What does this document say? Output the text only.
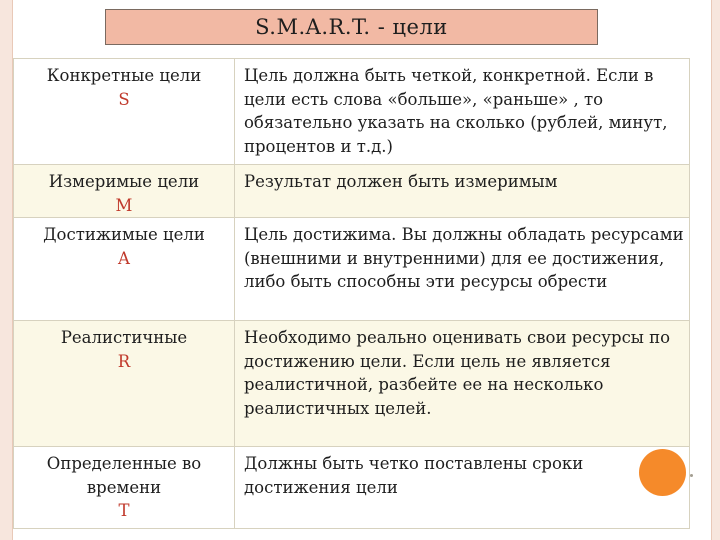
S.M.A.R.T. - цели
Конкретные цели
S	Цель должна быть четкой, конкретной. Если в цели есть слова «больше», «раньше» , то обязательно указать на сколько (рублей, минут, процентов и т.д.)
Измеримые цели
M	Результат должен быть измеримым
Достижимые цели
A	Цель достижима. Вы должны обладать ресурсами (внешними и внутренними) для ее достижения, либо быть способны эти ресурсы обрести
Реалистичные
R	Необходимо реально оценивать свои ресурсы по достижению цели. Если цель не является реалистичной, разбейте ее на несколько реалистичных целей.

Определенные во
времени
T	Должны быть четко поставлены сроки достижения цели
